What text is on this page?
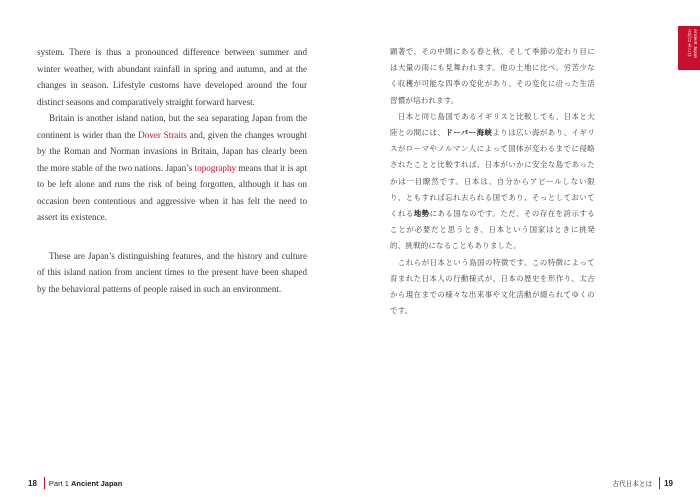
system. There is thus a pronounced difference between summer and winter weather, with abundant rainfall in spring and autumn, and at the changes in season. Lifestyle customs have developed around the four distinct seasons and comparatively straight forward harvest.

Britain is another island nation, but the sea separating Japan from the continent is wider than the Dover Straits and, given the changes wrought by the Roman and Norman invasions in Britain, Japan has clearly been the more stable of the two nations. Japan’s topography means that it is apt to be left alone and runs the risk of being forgotten, although it has on occasion been contentious and aggressive when it has felt the need to assert its existence.

These are Japan’s distinguishing features, and the history and culture of this island nation from ancient times to the present have been shaped by the behavioral patterns of people raised in such an environment.

18 Part 1
Ancient Japan
Ancient Japan
古代日本とは

顕著で、その中間にある春と秋、そして季節の変わり目には大量の雨にも見舞われます。他の土地に比べ、労苦少なく収穫が可能な四季の変化があり、その変化に沿った生活習慣が培われます。

日本と同じ島国であるイギリスと比較しても、日本と大陸との間には、ドーバー海峡よりは広い海があり、イギリスがローマやノルマン人によって国体が変わるまでに侵略されたことと比較すれば、日本がいかに安全な島であったかは一目瞭然です。日本は、自分からアピールしない限り、ともすれば忘れ去られる国であり、そっとしておいてくれる地勢にある国なのです。ただ、その存在を誇示することが必要だと思うとき、日本という国家はときに挑発的、挑戦的になることもありました。

これらが日本という島国の特徴です。この特徴によって育まれた日本人の行動様式が、日本の歴史を形作り、太古から現在までの様々な出来事や文化活動が綴られてゆくのです。

古代日本とは 19
